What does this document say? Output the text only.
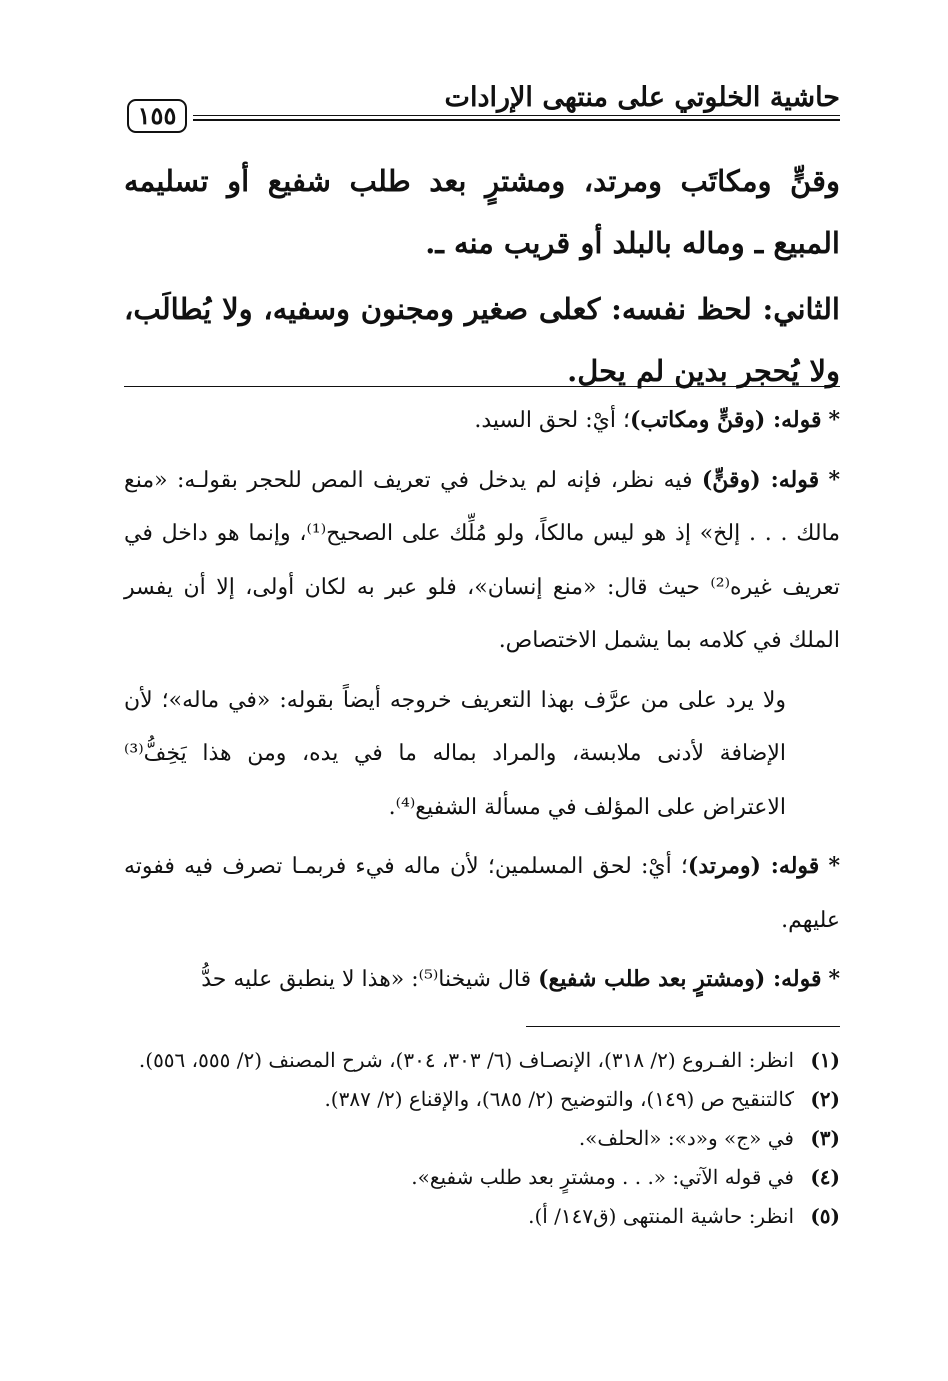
حاشية الخلوتي على منتهى الإرادات
١٥٥

وقنٍّ ومكاتَب ومرتد، ومشترٍ بعد طلب شفيع أو تسليمه المبيع ـ وماله بالبلد أو قريب منه ـ.

الثاني: لحظ نفسه: كعلى صغير ومجنون وسفيه، ولا يُطالَب، ولا يُحجر بدين لم يحل.

* قوله: (وقنٍّ ومكاتب)؛ أيْ: لحق السيد.

* قوله: (وقنٍّ) فيه نظر، فإنه لم يدخل في تعريف المص للحجر بقولـه: «منع مالك . . . إلخ» إذ هو ليس مالكاً، ولو مُلِّك على الصحيح⁽¹⁾، وإنما هو داخل في تعريف غيره⁽²⁾ حيث قال: «منع إنسان»، فلو عبر به لكان أولى، إلا أن يفسر الملك في كلامه بما يشمل الاختصاص.

ولا يرد على من عرَّف بهذا التعريف خروجه أيضاً بقوله: «في ماله»؛ لأن الإضافة لأدنى ملابسة، والمراد بماله ما في يده، ومن هذا يَخِفُّ⁽³⁾ الاعتراض على المؤلف في مسألة الشفيع⁽⁴⁾.

* قوله: (ومرتد)؛ أيْ: لحق المسلمين؛ لأن ماله فيء فربمـا تصرف فيه ففوته عليهم.

* قوله: (ومشترٍ بعد طلب شفيع) قال شيخنا⁽⁵⁾: «هذا لا ينطبق عليه حدُّ

(١)
انظر: الفـروع (٢/ ٣١٨)، الإنصـاف (٦/ ٣٠٣، ٣٠٤)، شرح المصنف (٢/ ٥٥٥، ٥٥٦).
(٢)
كالتنقيح ص (١٤٩)، والتوضيح (٢/ ٦٨٥)، والإقناع (٢/ ٣٨٧).
(٣)
في «ج» و«د»: «الحلف».
(٤)
في قوله الآتي: «. . . ومشترٍ بعد طلب شفيع».
(٥)
انظر: حاشية المنتهى (ق١٤٧/ أ).
